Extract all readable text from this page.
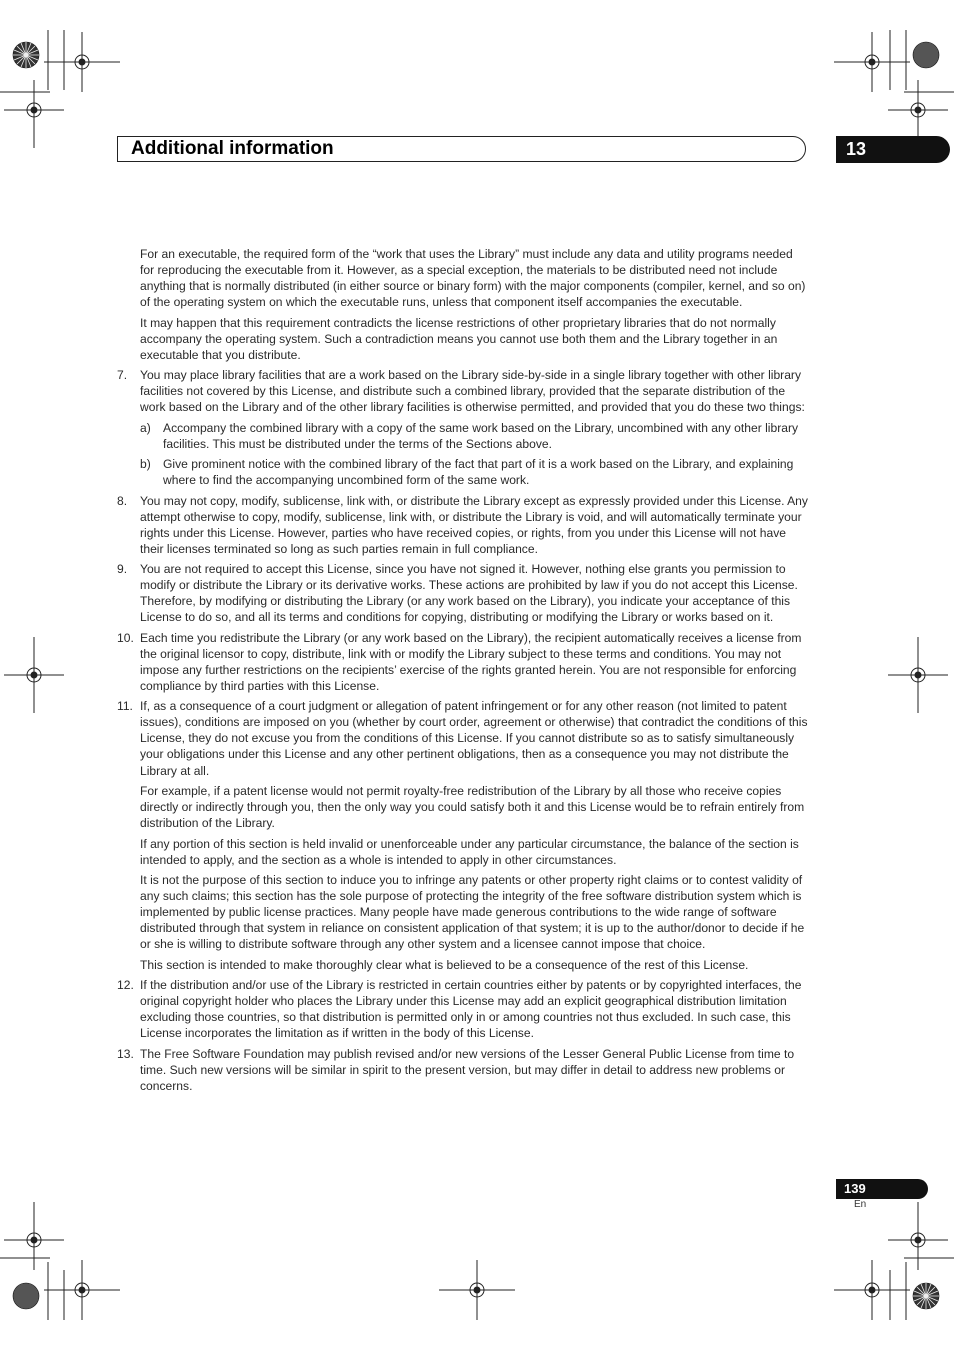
Additional information	13

For an executable, the required form of the “work that uses the Library” must include any data and utility programs needed for reproducing the executable from it. However, as a special exception, the materials to be distributed need not include anything that is normally distributed (in either source or binary form) with the major components (compiler, kernel, and so on) of the operating system on which the executable runs, unless that component itself accompanies the executable.

It may happen that this requirement contradicts the license restrictions of other proprietary libraries that do not normally accompany the operating system. Such a contradiction means you cannot use both them and the Library together in an executable that you distribute.

7.	You may place library facilities that are a work based on the Library side-by-side in a single library together with other library facilities not covered by this License, and distribute such a combined library, provided that the separate distribution of the work based on the Library and of the other library facilities is otherwise permitted, and provided that you do these two things:
a)	Accompany the combined library with a copy of the same work based on the Library, uncombined with any other library facilities. This must be distributed under the terms of the Sections above.
b)	Give prominent notice with the combined library of the fact that part of it is a work based on the Library, and explaining where to find the accompanying uncombined form of the same work.
8.	You may not copy, modify, sublicense, link with, or distribute the Library except as expressly provided under this License. Any attempt otherwise to copy, modify, sublicense, link with, or distribute the Library is void, and will automatically terminate your rights under this License. However, parties who have received copies, or rights, from you under this License will not have their licenses terminated so long as such parties remain in full compliance.
9.	You are not required to accept this License, since you have not signed it. However, nothing else grants you permission to modify or distribute the Library or its derivative works. These actions are prohibited by law if you do not accept this License. Therefore, by modifying or distributing the Library (or any work based on the Library), you indicate your acceptance of this License to do so, and all its terms and conditions for copying, distributing or modifying the Library or works based on it.
10. Each time you redistribute the Library (or any work based on the Library), the recipient automatically receives a license from the original licensor to copy, distribute, link with or modify the Library subject to these terms and conditions. You may not impose any further restrictions on the recipients’ exercise of the rights granted herein. You are not responsible for enforcing compliance by third parties with this License.
11. If, as a consequence of a court judgment or allegation of patent infringement or for any other reason (not limited to patent issues), conditions are imposed on you (whether by court order, agreement or otherwise) that contradict the conditions of this License, they do not excuse you from the conditions of this License. If you cannot distribute so as to satisfy simultaneously your obligations under this License and any other pertinent obligations, then as a consequence you may not distribute the Library at all.

For example, if a patent license would not permit royalty-free redistribution of the Library by all those who receive copies directly or indirectly through you, then the only way you could satisfy both it and this License would be to refrain entirely from distribution of the Library.

If any portion of this section is held invalid or unenforceable under any particular circumstance, the balance of the section is intended to apply, and the section as a whole is intended to apply in other circumstances.

It is not the purpose of this section to induce you to infringe any patents or other property right claims or to contest validity of any such claims; this section has the sole purpose of protecting the integrity of the free software distribution system which is implemented by public license practices. Many people have made generous contributions to the wide range of software distributed through that system in reliance on consistent application of that system; it is up to the author/donor to decide if he or she is willing to distribute software through any other system and a licensee cannot impose that choice.

This section is intended to make thoroughly clear what is believed to be a consequence of the rest of this License.

12. If the distribution and/or use of the Library is restricted in certain countries either by patents or by copyrighted interfaces, the original copyright holder who places the Library under this License may add an explicit geographical distribution limitation excluding those countries, so that distribution is permitted only in or among countries not thus excluded. In such case, this License incorporates the limitation as if written in the body of this License.
13. The Free Software Foundation may publish revised and/or new versions of the Lesser General Public License from time to time. Such new versions will be similar in spirit to the present version, but may differ in detail to address new problems or concerns.
139
En
